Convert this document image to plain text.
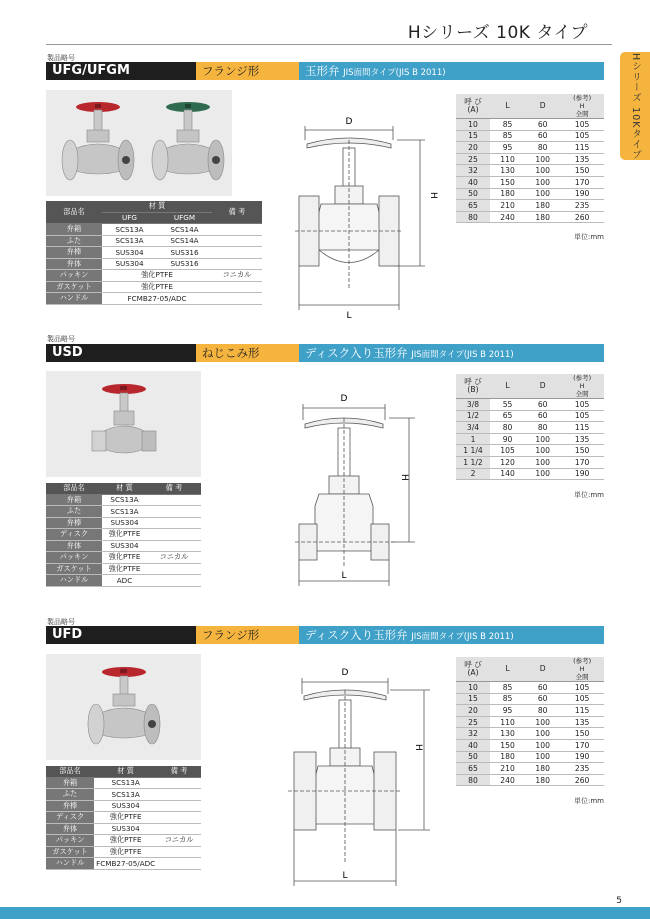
Hシリーズ 10K タイプ
Hシリーズ 10Kタイプ
製品略号
UFG/UFGM	フランジ形	玉形弁 JIS面間タイプ(JIS B 2011)
部品名	材 質		備 考
	UFG	UFGM	
弁箱	SCS13A	SCS14A	
ふた	SCS13A	SCS14A	
弁棒	SUS304	SUS316	
弁体	SUS304	SUS316	
パッキン	強化PTFE		コニカル
ガスケット	強化PTFE		
ハンドル	FCMB27-05/ADC		
D
H
L
呼 び
(A)	L	D	(参考)
H
全開
10	85	60	105
15	85	60	105
20	95	80	115
25	110	100	135
32	130	100	150
40	150	100	170
50	180	100	190
65	210	180	235
80	240	180	260
単位:mm
製品略号
USD	ねじこみ形	ディスク入り玉形弁 JIS面間タイプ(JIS B 2011)
部品名	材 質	備 考
弁箱	SCS13A	
ふた	SCS13A	
弁棒	SUS304	
ディスク	強化PTFE	
弁体	SUS304	
パッキン	強化PTFE	コニカル
ガスケット	強化PTFE	
ハンドル	ADC	
D
H
L
呼 び
(B)	L	D	(参考)
H
全開
3/8	55	60	105
1/2	65	60	105
3/4	80	80	115
1	90	100	135
1 1/4	105	100	150
1 1/2	120	100	170
2	140	100	190
単位:mm
製品略号
UFD	フランジ形	ディスク入り玉形弁 JIS面間タイプ(JIS B 2011)
部品名	材 質	備 考
弁箱	SCS13A	
ふた	SCS13A	
弁棒	SUS304	
ディスク	強化PTFE	
弁体	SUS304	
パッキン	強化PTFE	コニカル
ガスケット	強化PTFE	
ハンドル	FCMB27-05/ADC	
D
H
L
呼 び
(A)	L	D	(参考)
H
全開
10	85	60	105
15	85	60	105
20	95	80	115
25	110	100	135
32	130	100	150
40	150	100	170
50	180	100	190
65	210	180	235
80	240	180	260
単位:mm
5
